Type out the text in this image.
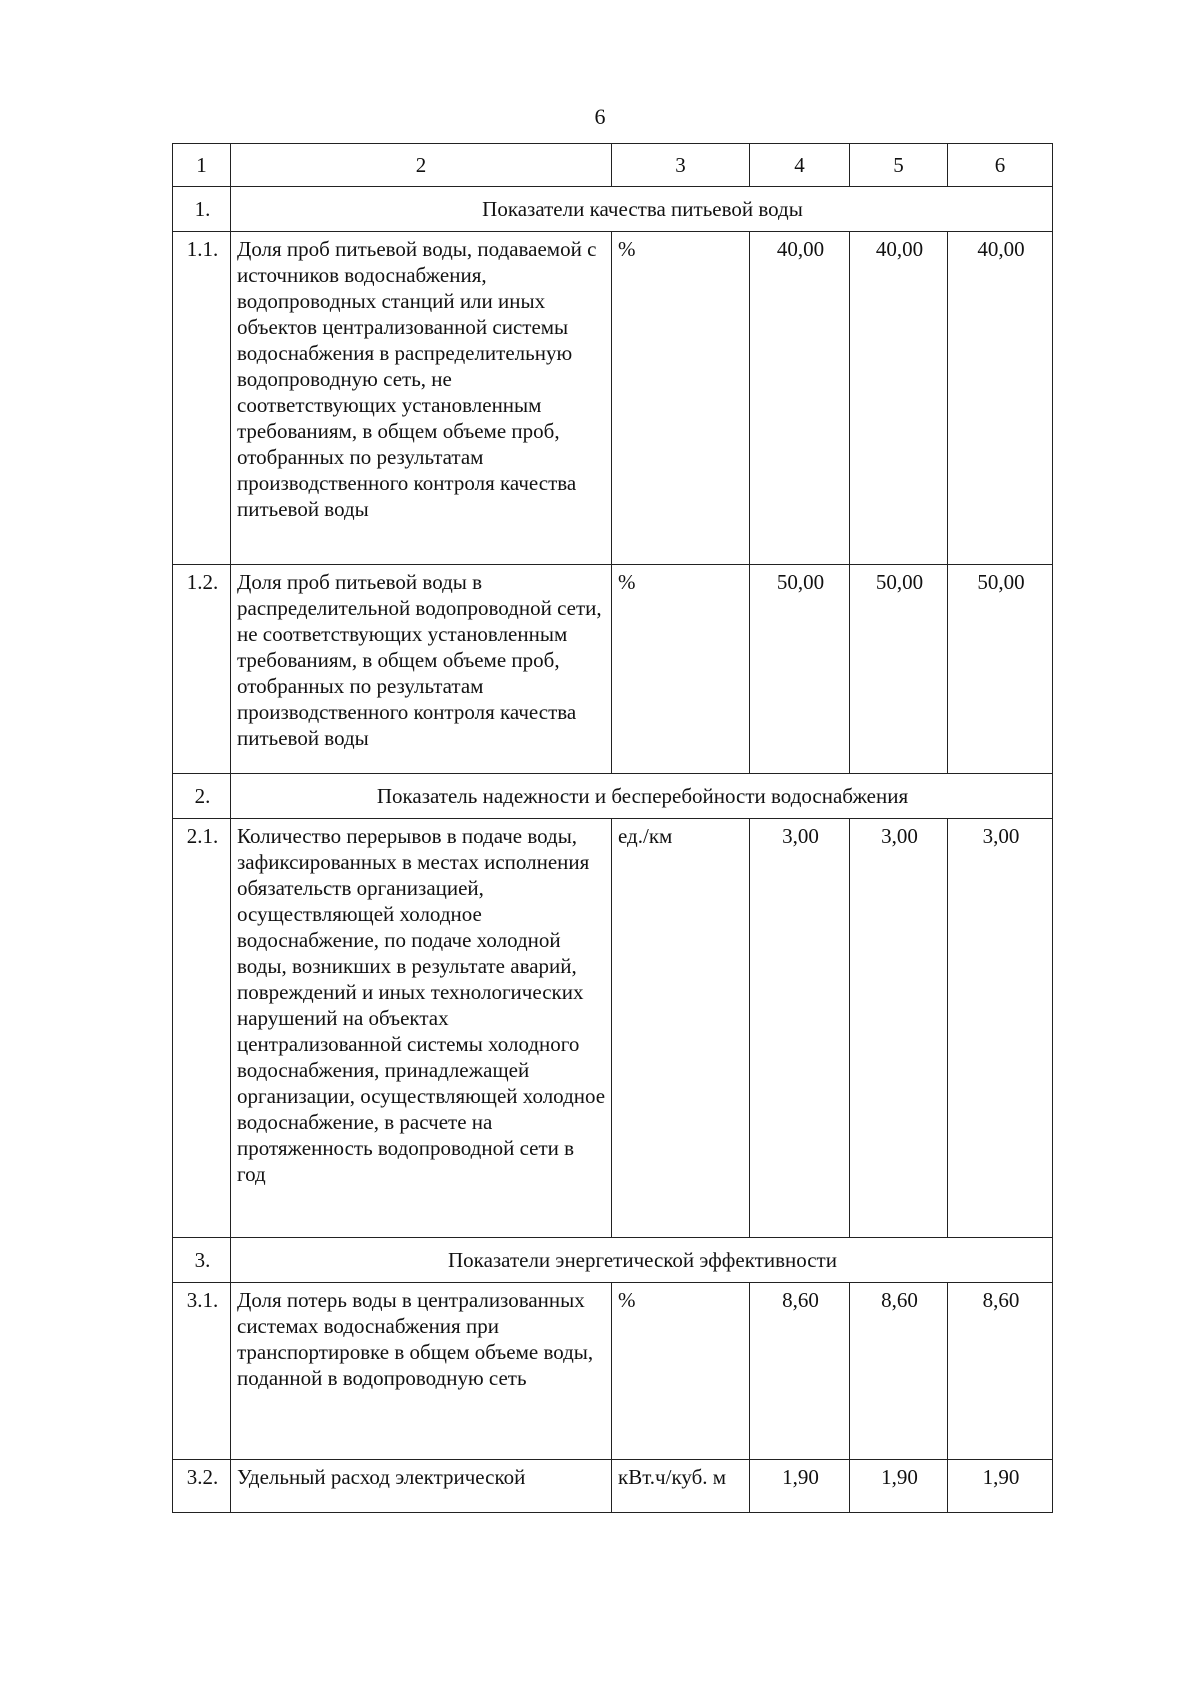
6
1	2	3	4	5	6
1.	Показатели качества питьевой воды				
1.1.	Доля проб питьевой воды, подаваемой с источников водоснабжения, водопроводных станций или иных объектов централизованной системы водоснабжения в распределительную водопроводную сеть, не соответствующих установленным требованиям, в общем объеме проб, отобранных по результатам производственного контроля качества питьевой воды	%	40,00	40,00	40,00
1.2.	Доля проб питьевой воды в распределительной водопроводной сети, не соответствующих установленным требованиям, в общем объеме проб, отобранных по результатам производственного контроля качества питьевой воды	%	50,00	50,00	50,00
2.	Показатель надежности и бесперебойности водоснабжения				
2.1.	Количество перерывов в подаче воды, зафиксированных в местах исполнения обязательств организацией, осуществляющей холодное водоснабжение, по подаче холодной воды, возникших в результате аварий, повреждений и иных технологических нарушений на объектах централизованной системы холодного водоснабжения, принадлежащей организации, осуществляющей холодное водоснабжение, в расчете на протяженность водопроводной сети в год	ед./км	3,00	3,00	3,00
3.	Показатели энергетической эффективности				
3.1.	Доля потерь воды в централизованных системах водоснабжения при транспортировке в общем объеме воды, поданной в водопроводную сеть	%	8,60	8,60	8,60
3.2.	Удельный расход электрической	кВт.ч/куб. м	1,90	1,90	1,90
